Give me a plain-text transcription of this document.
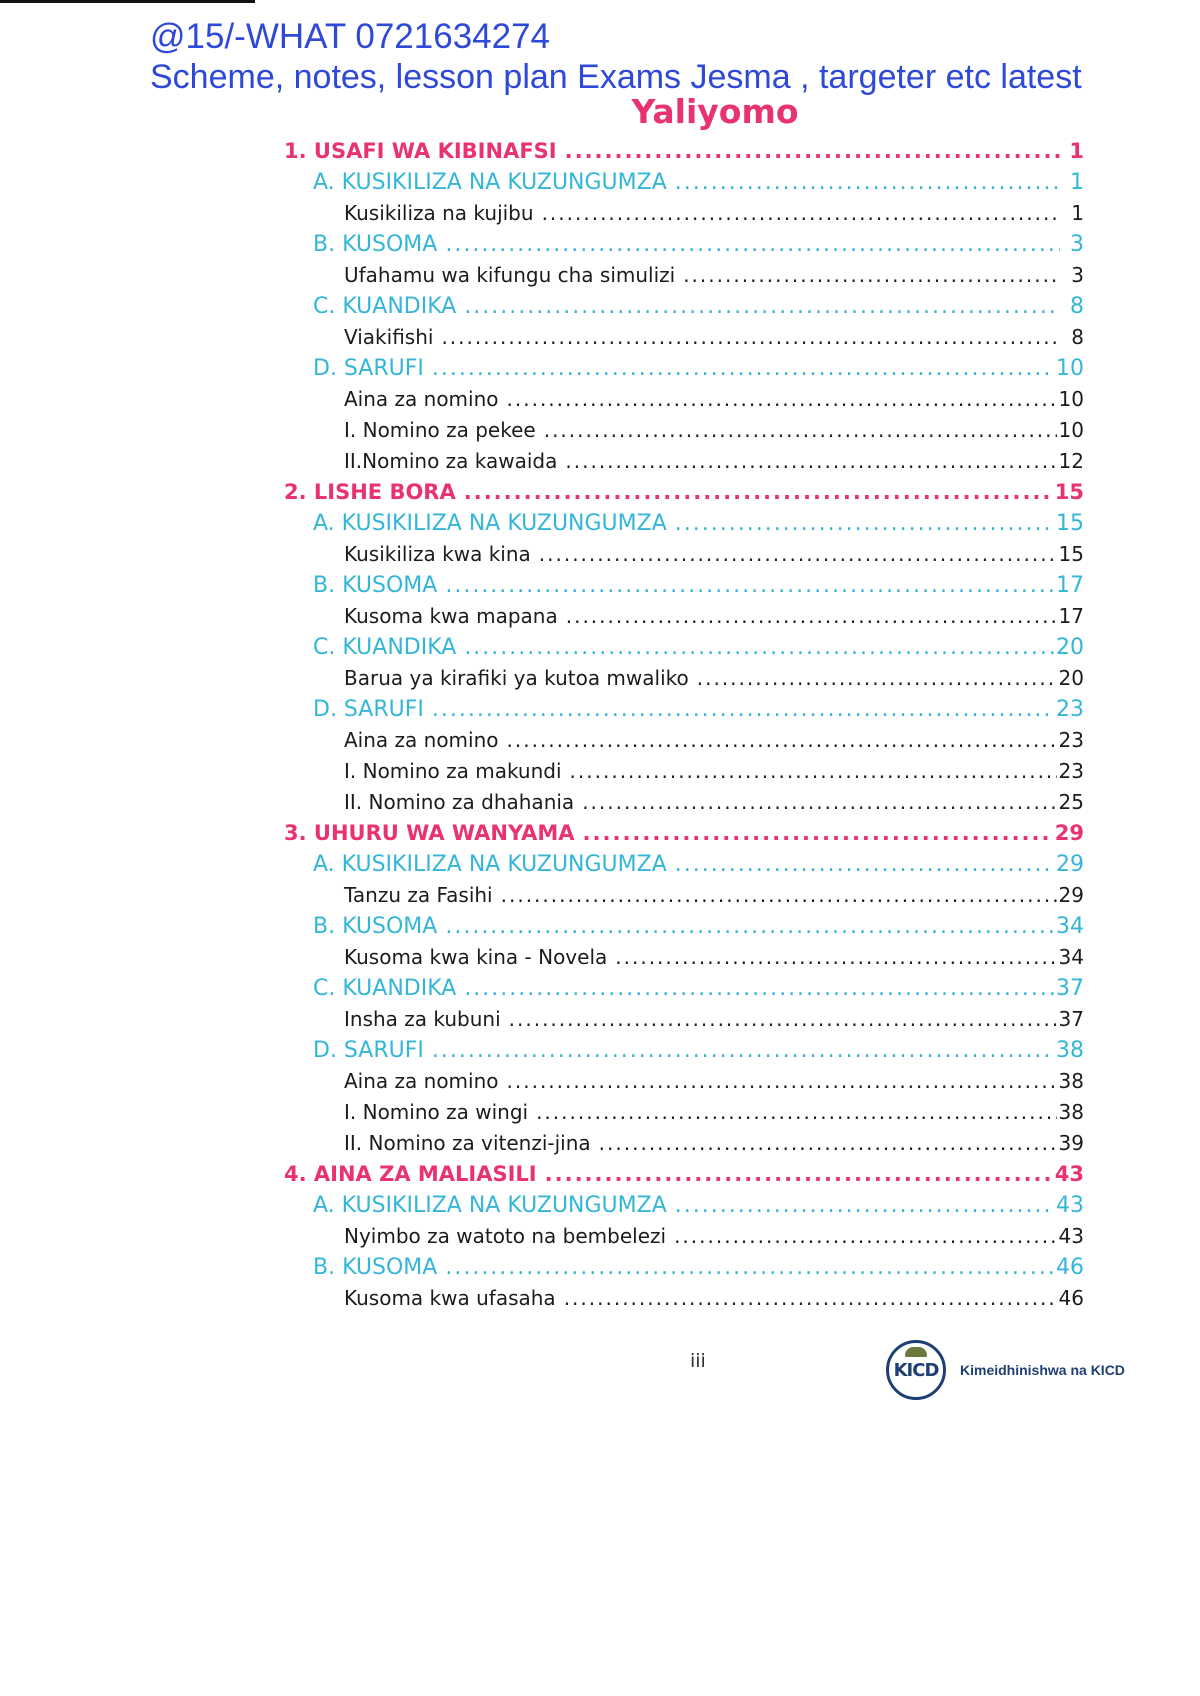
@15/-WHAT 0721634274
Scheme, notes, lesson plan Exams Jesma , targeter etc latest
Yaliyomo
1. USAFI WA KIBINAFSI .....	1
A. KUSIKILIZA NA KUZUNGUMZA .....	1
Kusikiliza na kujibu .....	1
B. KUSOMA .....	3
Ufahamu wa kifungu cha simulizi .....	3
C. KUANDIKA .....	8
Viakifishi .....	8
D. SARUFI .....	10
Aina za nomino .....	10
I. Nomino za pekee .....	10
II.Nomino za kawaida .....	12
2. LISHE BORA .....	15
A. KUSIKILIZA NA KUZUNGUMZA .....	15
Kusikiliza kwa kina .....	15
B. KUSOMA .....	17
Kusoma kwa mapana .....	17
C. KUANDIKA .....	20
Barua ya kirafiki ya kutoa mwaliko .....	20
D. SARUFI .....	23
Aina za nomino .....	23
I. Nomino za makundi .....	23
II. Nomino za dhahania .....	25
3. UHURU WA WANYAMA .....	29
A. KUSIKILIZA NA KUZUNGUMZA .....	29
Tanzu za Fasihi .....	29
B. KUSOMA .....	34
Kusoma kwa kina - Novela .....	34
C. KUANDIKA .....	37
Insha za kubuni .....	37
D. SARUFI .....	38
Aina za nomino .....	38
I. Nomino za wingi .....	38
II. Nomino za vitenzi-jina .....	39
4. AINA ZA MALIASILI .....	43
A. KUSIKILIZA NA KUZUNGUMZA .....	43
Nyimbo za watoto na bembelezi .....	43
B. KUSOMA .....	46
Kusoma kwa ufasaha .....	46
iii	KICD Kimeidhinishwa na KICD
